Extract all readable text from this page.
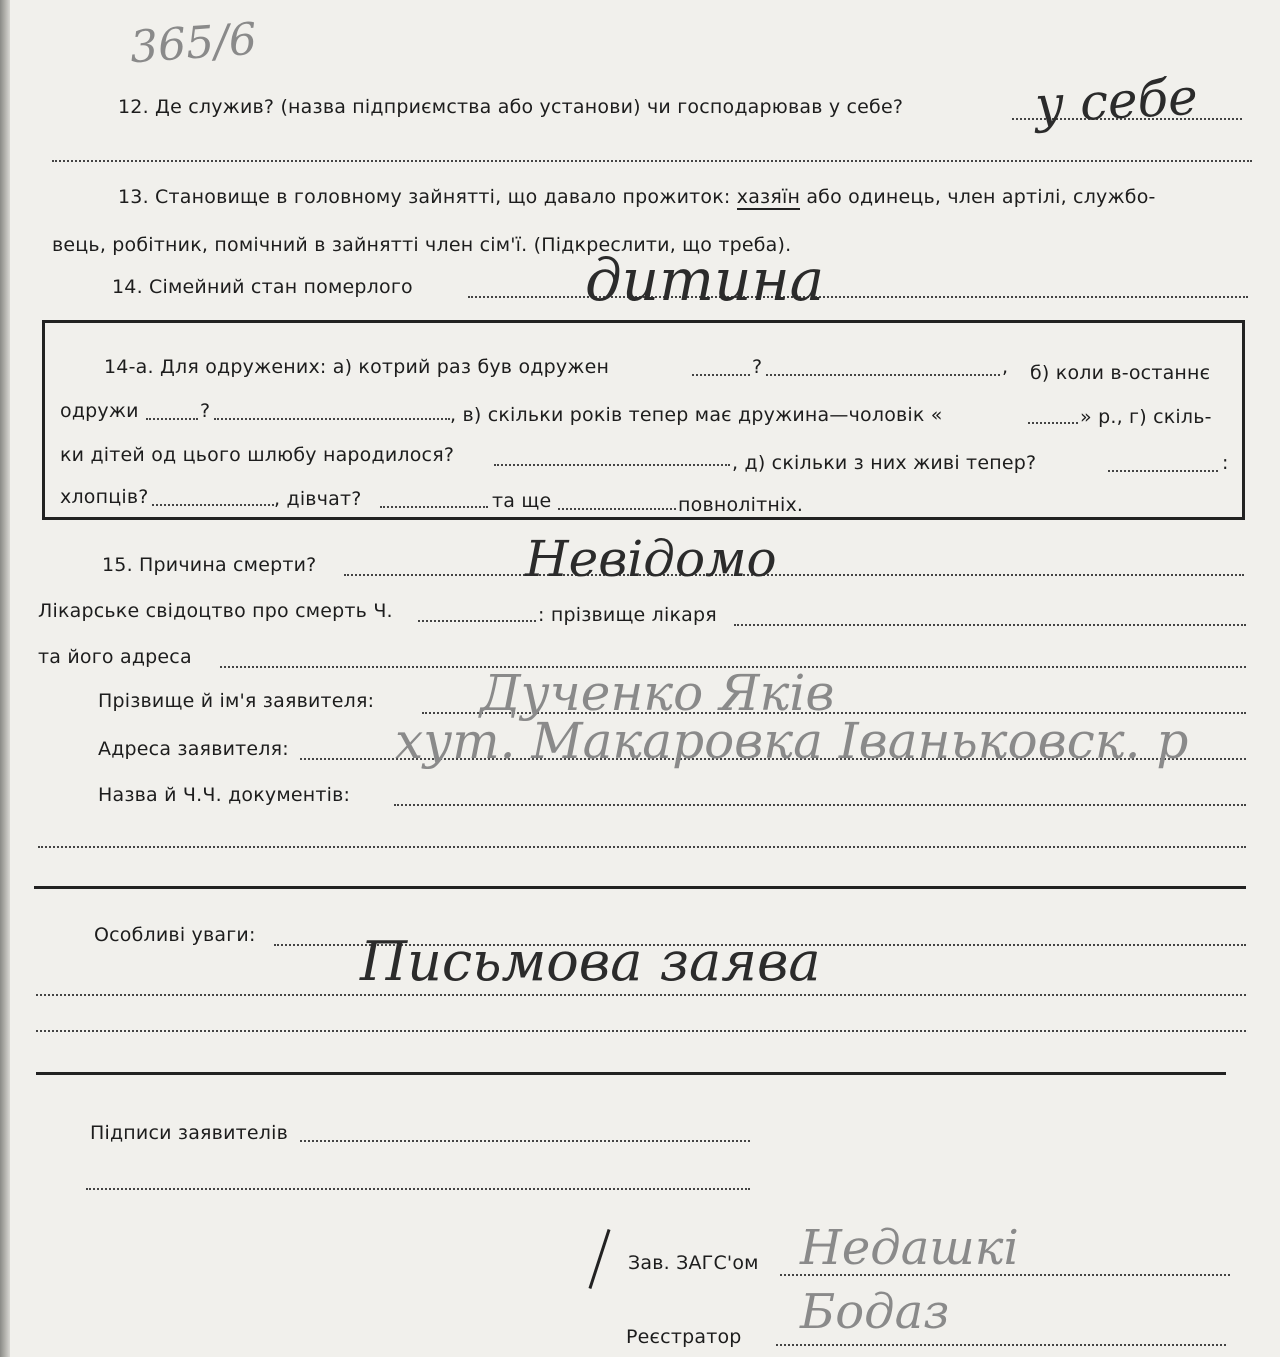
365/6
12. Де служив? (назва підприємства або установи) чи господарював у себе?	у себе
13. Становище в головному зайнятті, що давало прожиток: хазяїн або одинець, член артілі, службо-
вець, робітник, помічний в зайнятті член сім'ї. (Підкреслити, що треба).
14. Сімейний стан померлого	дитина
14-а. Для одружених: а) котрий раз був одружен	?	, б) коли в-останнє
одружи	?	, в) скільки років тепер має дружина—чоловік «	» р., г) скіль-
ки дітей од цього шлюбу народилося?	, д) скільки з них живі тепер?	:
хлопців?	, дівчат?	та ще	повнолітніх.
15. Причина смерти?	Невідомо
Лікарське свідоцтво про смерть Ч.	: прізвище лікаря
та його адреса
Прізвище й ім'я заявителя: Дученко Яків
Адреса заявителя: хут. Макаровка Іваньковск. р
Назва й Ч.Ч. документів:
Особливі уваги: Письмова заява
Підписи заявителів
Зав. ЗАГС'ом Недашкі
Реєстратор Бодаз
